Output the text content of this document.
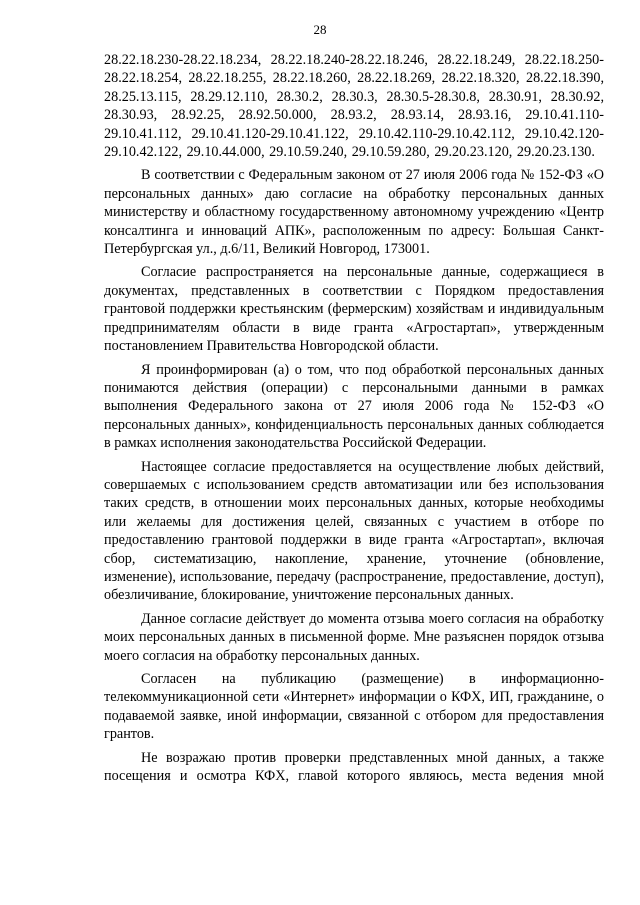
28

28.22.18.230-28.22.18.234, 28.22.18.240-28.22.18.246, 28.22.18.249, 28.22.18.250-28.22.18.254, 28.22.18.255, 28.22.18.260, 28.22.18.269, 28.22.18.320, 28.22.18.390, 28.25.13.115, 28.29.12.110, 28.30.2, 28.30.3, 28.30.5-28.30.8, 28.30.91, 28.30.92, 28.30.93, 28.92.25, 28.92.50.000, 28.93.2, 28.93.14, 28.93.16, 29.10.41.110-29.10.41.112, 29.10.41.120-29.10.41.122, 29.10.42.110-29.10.42.112, 29.10.42.120-29.10.42.122, 29.10.44.000, 29.10.59.240, 29.10.59.280, 29.20.23.120, 29.20.23.130.

В соответствии с Федеральным законом от 27 июля 2006 года № 152-ФЗ «О персональных данных» даю согласие на обработку персональных данных министерству и областному государственному автономному учреждению «Центр консалтинга и инноваций АПК», расположенным по адресу: Большая Санкт-Петербургская ул., д.6/11, Великий Новгород, 173001.

Согласие распространяется на персональные данные, содержащиеся в документах, представленных в соответствии с Порядком предоставления грантовой поддержки крестьянским (фермерским) хозяйствам и индивидуальным предпринимателям области в виде гранта «Агростартап», утвержденным постановлением Правительства Новгородской области.

Я проинформирован (а) о том, что под обработкой персональных данных понимаются действия (операции) с персональными данными в рамках выполнения Федерального закона от 27 июля 2006 года № 152-ФЗ «О персональных данных», конфиденциальность персональных данных соблюдается в рамках исполнения законодательства Российской Федерации.

Настоящее согласие предоставляется на осуществление любых действий, совершаемых с использованием средств автоматизации или без использования таких средств, в отношении моих персональных данных, которые необходимы или желаемы для достижения целей, связанных с участием в отборе по предоставлению грантовой поддержки в виде гранта «Агростартап», включая сбор, систематизацию, накопление, хранение, уточнение (обновление, изменение), использование, передачу (распространение, предоставление, доступ), обезличивание, блокирование, уничтожение персональных данных.

Данное согласие действует до момента отзыва моего согласия на обработку моих персональных данных в письменной форме. Мне разъяснен порядок отзыва моего согласия на обработку персональных данных.

Согласен на публикацию (размещение) в информационно-телекоммуникационной сети «Интернет» информации о КФХ, ИП, гражданине, о подаваемой заявке, иной информации, связанной с отбором для предоставления грантов.

Не возражаю против проверки представленных мной данных, а также посещения и осмотра КФХ, главой которого являюсь, места ведения мной
